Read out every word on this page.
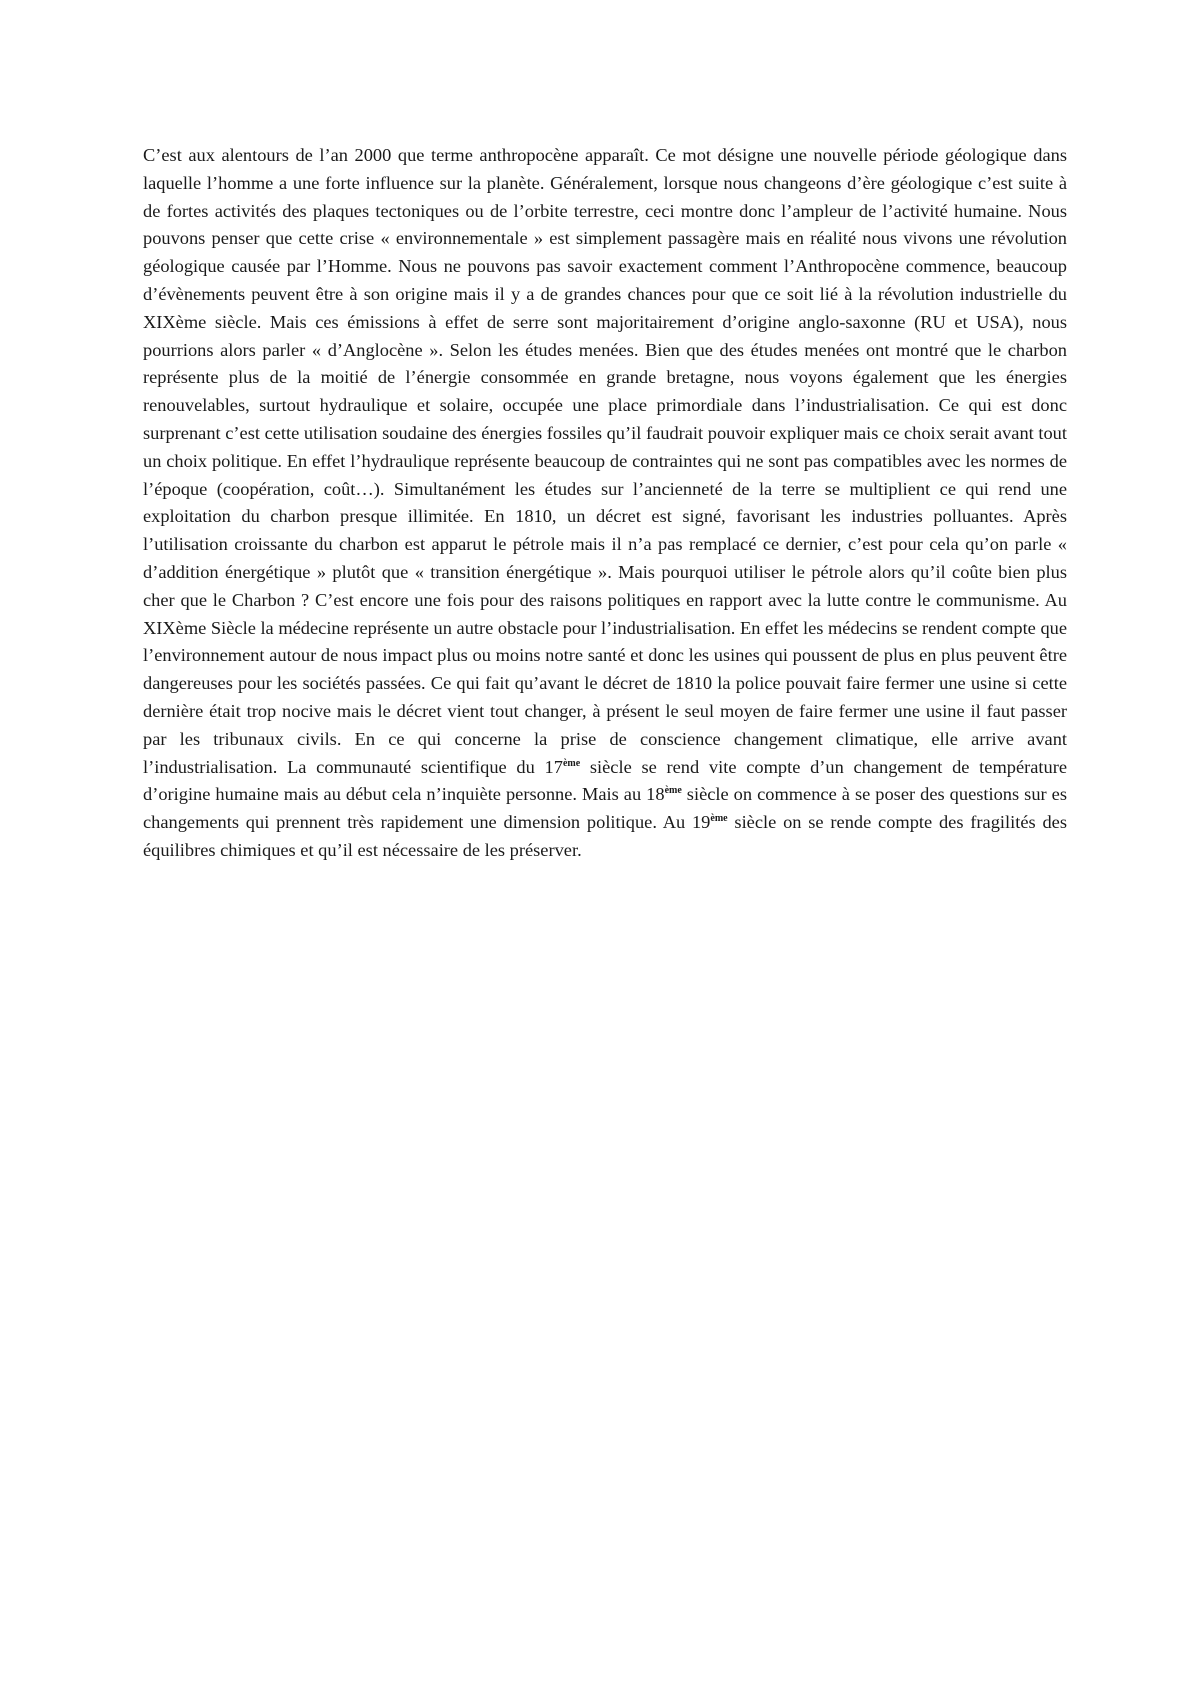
C’est aux alentours de l’an 2000 que terme anthropocène apparaît. Ce mot désigne une nouvelle période géologique dans laquelle l’homme a une forte influence sur la planète. Généralement, lorsque nous changeons d’ère géologique c’est suite à de fortes activités des plaques tectoniques ou de l’orbite terrestre, ceci montre donc l’ampleur de l’activité humaine. Nous pouvons penser que cette crise « environnementale » est simplement passagère mais en réalité nous vivons une révolution géologique causée par l’Homme. Nous ne pouvons pas savoir exactement comment l’Anthropocène commence, beaucoup d’évènements peuvent être à son origine mais il y a de grandes chances pour que ce soit lié à la révolution industrielle du XIXème siècle. Mais ces émissions à effet de serre sont majoritairement d’origine anglo-saxonne (RU et USA), nous pourrions alors parler « d’Anglocène ». Selon les études menées. Bien que des études menées ont montré que le charbon représente plus de la moitié de l’énergie consommée en grande bretagne, nous voyons également que les énergies renouvelables, surtout hydraulique et solaire, occupée une place primordiale dans l’industrialisation. Ce qui est donc surprenant c’est cette utilisation soudaine des énergies fossiles qu’il faudrait pouvoir expliquer mais ce choix serait avant tout un choix politique. En effet l’hydraulique représente beaucoup de contraintes qui ne sont pas compatibles avec les normes de l’époque (coopération, coût…). Simultanément les études sur l’ancienneté de la terre se multiplient ce qui rend une exploitation du charbon presque illimitée. En 1810, un décret est signé, favorisant les industries polluantes. Après l’utilisation croissante du charbon est apparut le pétrole mais il n’a pas remplacé ce dernier, c’est pour cela qu’on parle « d’addition énergétique » plutôt que « transition énergétique ». Mais pourquoi utiliser le pétrole alors qu’il coûte bien plus cher que le Charbon ? C’est encore une fois pour des raisons politiques en rapport avec la lutte contre le communisme. Au XIXème Siècle la médecine représente un autre obstacle pour l’industrialisation. En effet les médecins se rendent compte que l’environnement autour de nous impact plus ou moins notre santé et donc les usines qui poussent de plus en plus peuvent être dangereuses pour les sociétés passées. Ce qui fait qu’avant le décret de 1810 la police pouvait faire fermer une usine si cette dernière était trop nocive mais le décret vient tout changer, à présent le seul moyen de faire fermer une usine il faut passer par les tribunaux civils. En ce qui concerne la prise de conscience changement climatique, elle arrive avant l’industrialisation. La communauté scientifique du 17ème siècle se rend vite compte d’un changement de température d’origine humaine mais au début cela n’inquiète personne. Mais au 18ème siècle on commence à se poser des questions sur es changements qui prennent très rapidement une dimension politique. Au 19ème siècle on se rende compte des fragilités des équilibres chimiques et qu’il est nécessaire de les préserver.
